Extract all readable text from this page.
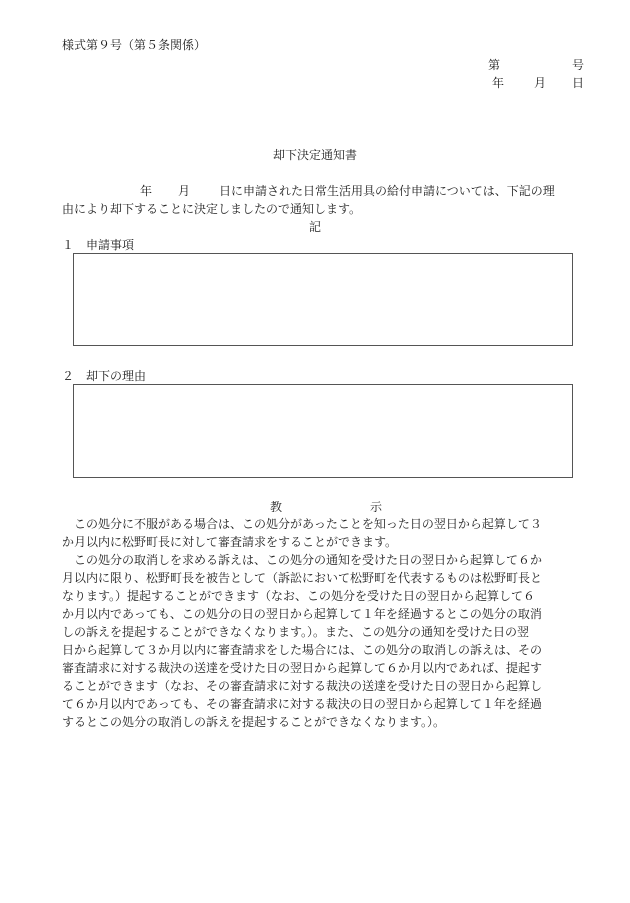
様式第９号（第５条関係）
第	号
年 月 日
却下決定通知書
年 月 日に申請された日常生活用具の給付申請については、下記の理
由により却下することに決定しましたので通知します。
記
１　申請事項
２　却下の理由
教	示
　この処分に不服がある場合は、この処分があったことを知った日の翌日から起算して３
か月以内に松野町長に対して審査請求をすることができます。
　この処分の取消しを求める訴えは、この処分の通知を受けた日の翌日から起算して６か
月以内に限り、松野町長を被告として（訴訟において松野町を代表するものは松野町長と
なります。）提起することができます（なお、この処分を受けた日の翌日から起算して６
か月以内であっても、この処分の日の翌日から起算して１年を経過するとこの処分の取消
しの訴えを提起することができなくなります。）。また、この処分の通知を受けた日の翌
日から起算して３か月以内に審査請求をした場合には、この処分の取消しの訴えは、その
審査請求に対する裁決の送達を受けた日の翌日から起算して６か月以内であれば、提起す
ることができます（なお、その審査請求に対する裁決の送達を受けた日の翌日から起算し
て６か月以内であっても、その審査請求に対する裁決の日の翌日から起算して１年を経過
するとこの処分の取消しの訴えを提起することができなくなります。）。
